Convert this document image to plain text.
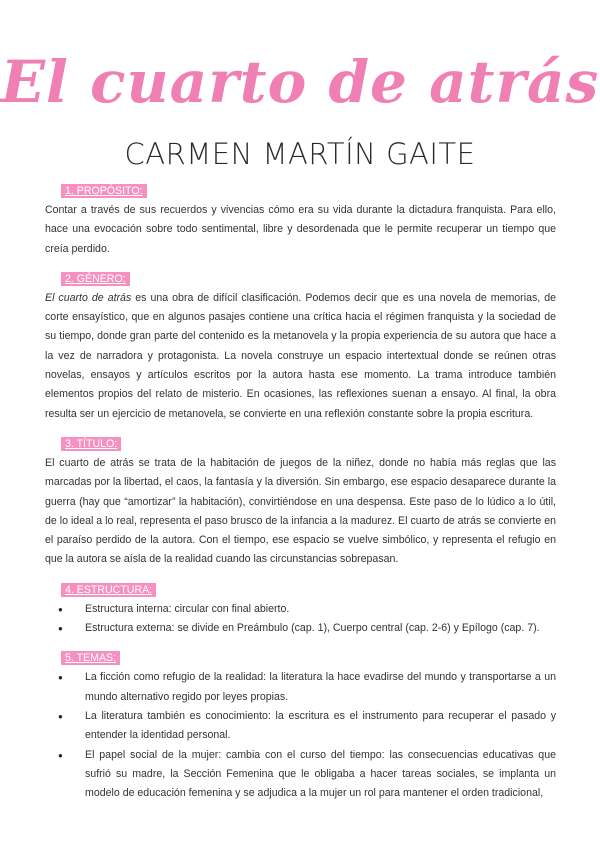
El cuarto de atrás
CARMEN MARTÍN GAITE
1. PROPÓSITO:

Contar a través de sus recuerdos y vivencias cómo era su vida durante la dictadura franquista. Para ello, hace una evocación sobre todo sentimental, libre y desordenada que le permite recuperar un tiempo que creía perdido.

2. GÉNERO:

El cuarto de atrás es una obra de difícil clasificación. Podemos decir que es una novela de memorias, de corte ensayístico, que en algunos pasajes contiene una crítica hacia el régimen franquista y la sociedad de su tiempo, donde gran parte del contenido es la metanovela y la propia experiencia de su autora que hace a la vez de narradora y protagonista. La novela construye un espacio intertextual donde se reúnen otras novelas, ensayos y artículos escritos por la autora hasta ese momento. La trama introduce también elementos propios del relato de misterio. En ocasiones, las reflexiones suenan a ensayo. Al final, la obra resulta ser un ejercicio de metanovela, se convierte en una reflexión constante sobre la propia escritura.

3. TÍTULO:

El cuarto de atrás se trata de la habitación de juegos de la niñez, donde no había más reglas que las marcadas por la libertad, el caos, la fantasía y la diversión. Sin embargo, ese espacio desaparece durante la guerra (hay que “amortizar” la habitación), convirtiéndose en una despensa. Este paso de lo lúdico a lo útil, de lo ideal a lo real, representa el paso brusco de la infancia a la madurez. El cuarto de atrás se convierte en el paraíso perdido de la autora. Con el tiempo, ese espacio se vuelve simbólico, y representa el refugio en que la autora se aísla de la realidad cuando las circunstancias sobrepasan.

4. ESTRUCTURA:
● Estructura interna: circular con final abierto.
● Estructura externa: se divide en Preámbulo (cap. 1), Cuerpo central (cap. 2-6) y Epílogo (cap. 7).
5. TEMAS:
● La ficción como refugio de la realidad: la literatura la hace evadirse del mundo y transportarse a un mundo alternativo regido por leyes propias.
● La literatura también es conocimiento: la escritura es el instrumento para recuperar el pasado y entender la identidad personal.
● El papel social de la mujer: cambia con el curso del tiempo: las consecuencias educativas que sufrió su madre, la Sección Femenina que le obligaba a hacer tareas sociales, se implanta un modelo de educación femenina y se adjudica a la mujer un rol para mantener el orden tradicional,
